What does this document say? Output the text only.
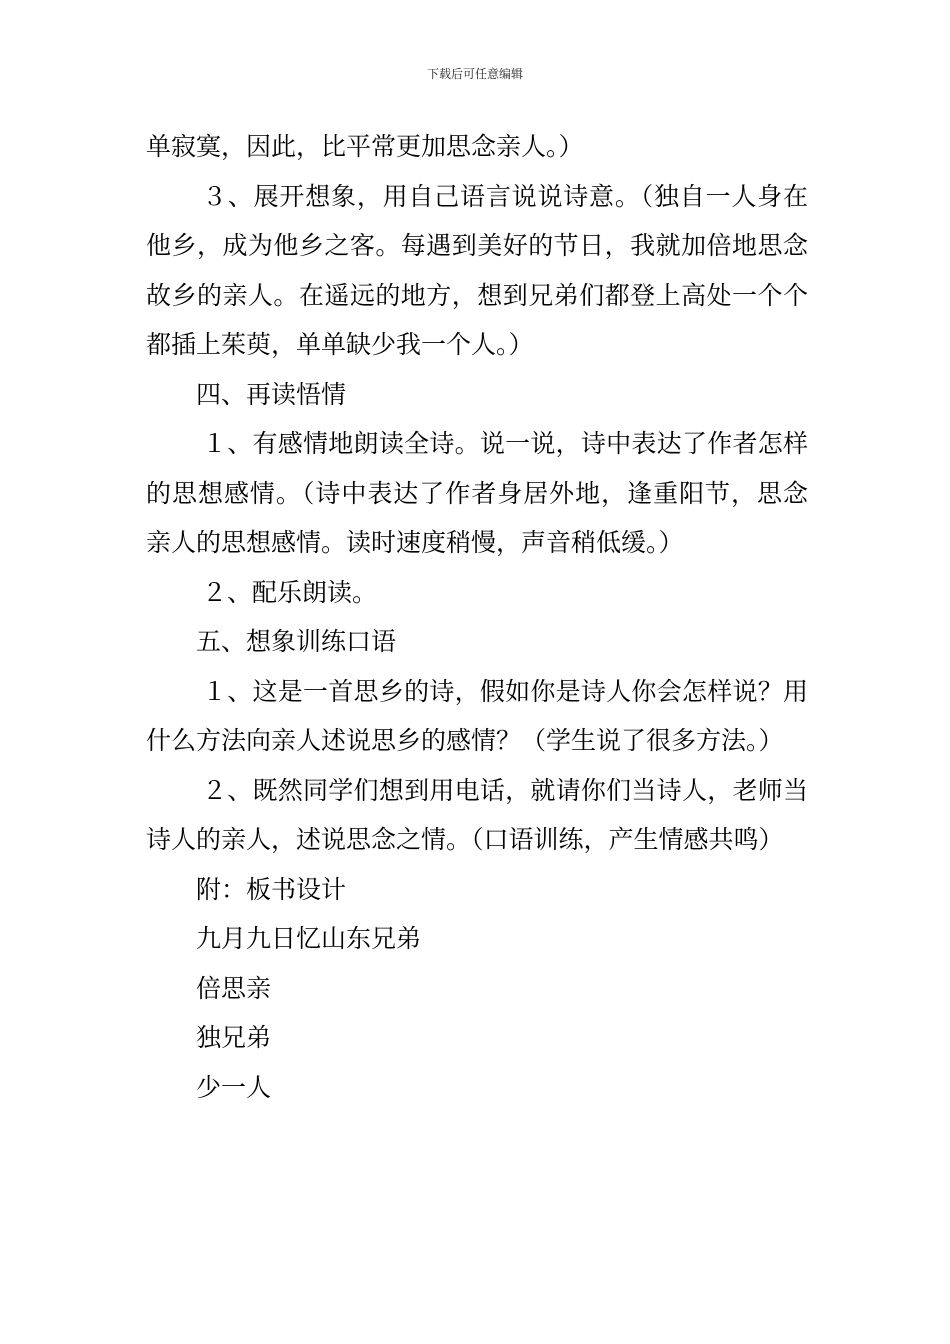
下载后可任意编辑

单寂寞，因此，比平常更加思念亲人。）

３、展开想象，用自己语言说说诗意。（独自一人身在他乡，成为他乡之客。每遇到美好的节日，我就加倍地思念故乡的亲人。在遥远的地方，想到兄弟们都登上高处一个个都插上茱萸，单单缺少我一个人。）

四、再读悟情

１、有感情地朗读全诗。说一说，诗中表达了作者怎样的思想感情。（诗中表达了作者身居外地，逢重阳节，思念亲人的思想感情。读时速度稍慢，声音稍低缓。）

２、配乐朗读。

五、想象训练口语

１、这是一首思乡的诗，假如你是诗人你会怎样说？用什么方法向亲人述说思乡的感情？（学生说了很多方法。）

２、既然同学们想到用电话，就请你们当诗人，老师当诗人的亲人，述说思念之情。（口语训练，产生情感共鸣）

附：板书设计

九月九日忆山东兄弟

倍思亲

独兄弟

少一人
